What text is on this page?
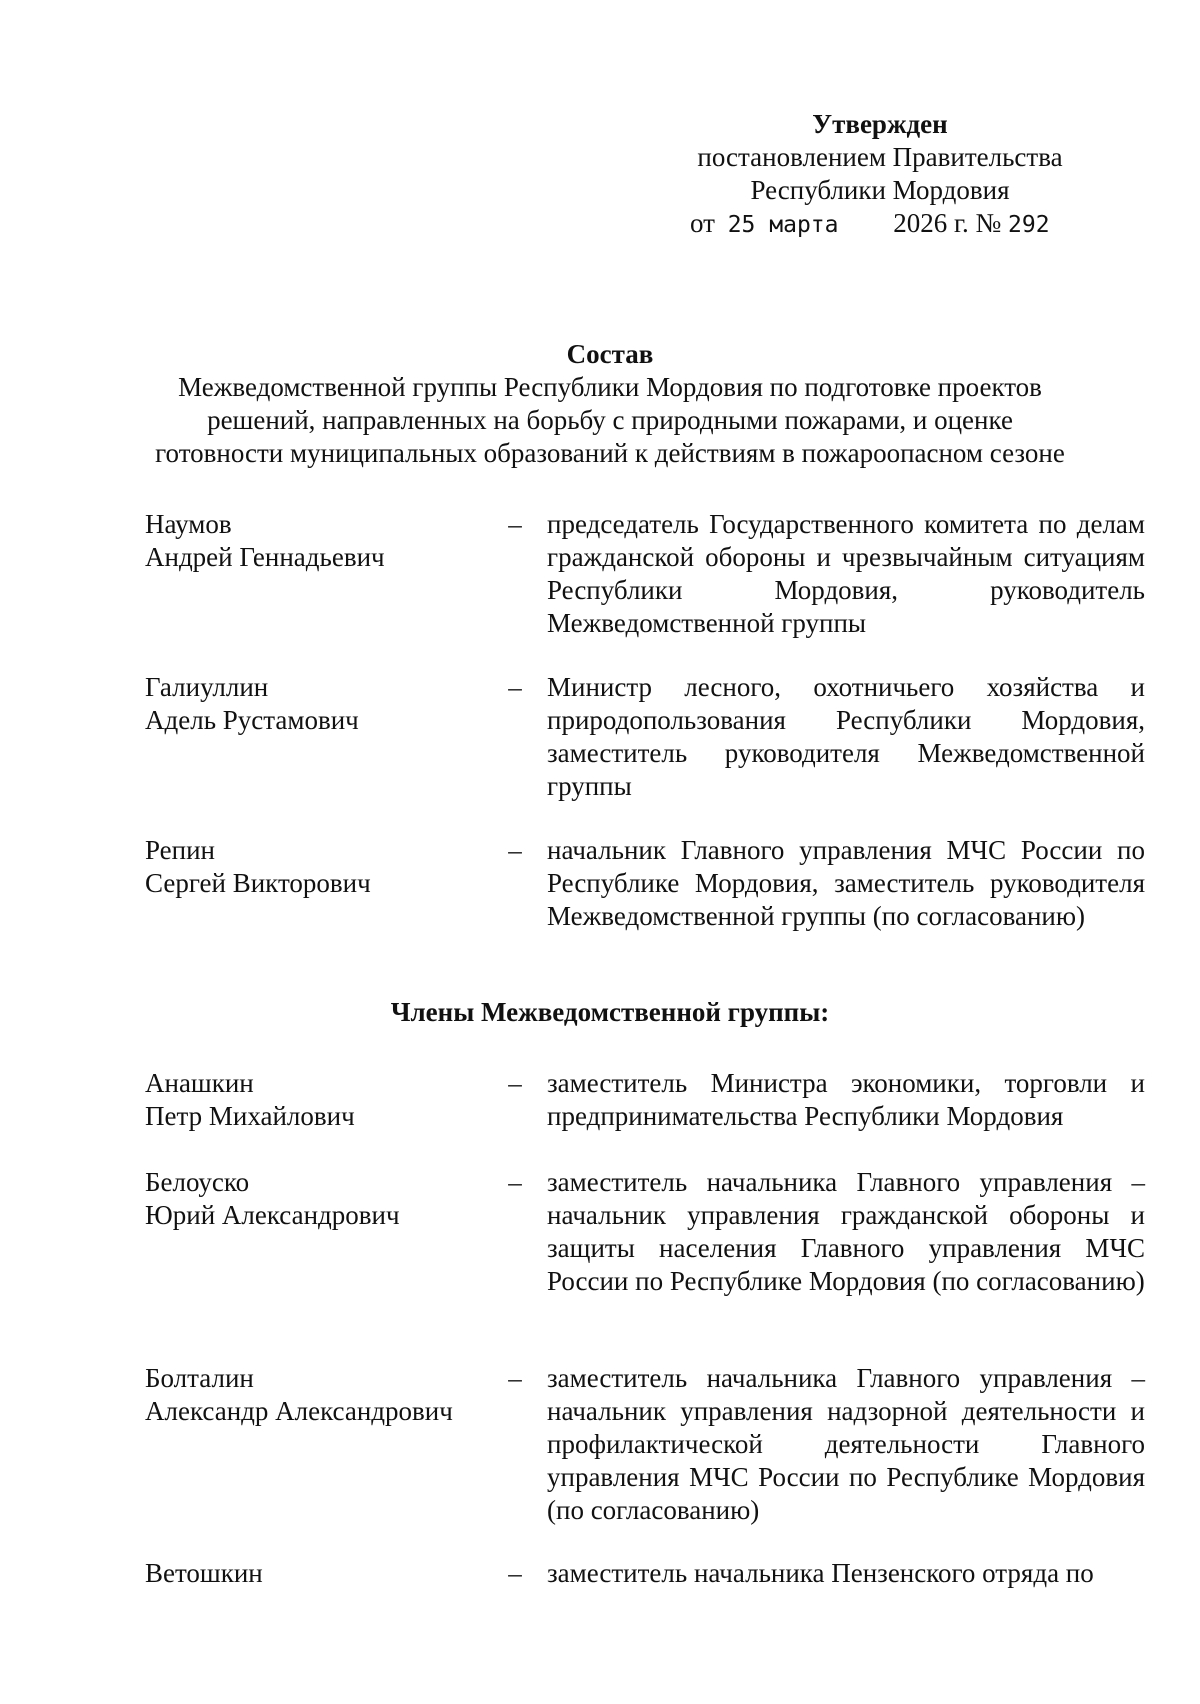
Утвержден
постановлением Правительства
Республики Мордовия
от 25 марта 2026 г. № 292
Состав
Межведомственной группы Республики Мордовия по подготовке проектов решений, направленных на борьбу с природными пожарами, и оценке готовности муниципальных образований к действиям в пожароопасном сезоне
Наумов
Андрей Геннадьевич
– председатель Государственного комитета по делам гражданской обороны и чрезвычайным ситуациям Республики Мордовия, руководитель Межведомственной группы
Галиуллин
Адель Рустамович
– Министр лесного, охотничьего хозяйства и природопользования Республики Мордовия, заместитель руководителя Межведомственной группы
Репин
Сергей Викторович
– начальник Главного управления МЧС России по Республике Мордовия, заместитель руководителя Межведомственной группы (по согласованию)
Члены Межведомственной группы:
Анашкин
Петр Михайлович
– заместитель Министра экономики, торговли и предпринимательства Республики Мордовия
Белоуско
Юрий Александрович
– заместитель начальника Главного управления – начальник управления гражданской обороны и защиты населения Главного управления МЧС России по Республике Мордовия (по согласованию)
Болталин
Александр Александрович
– заместитель начальника Главного управления – начальник управления надзорной деятельности и профилактической деятельности Главного управления МЧС России по Республике Мордовия (по согласованию)
Ветошкин	– заместитель начальника Пензенского отряда по
